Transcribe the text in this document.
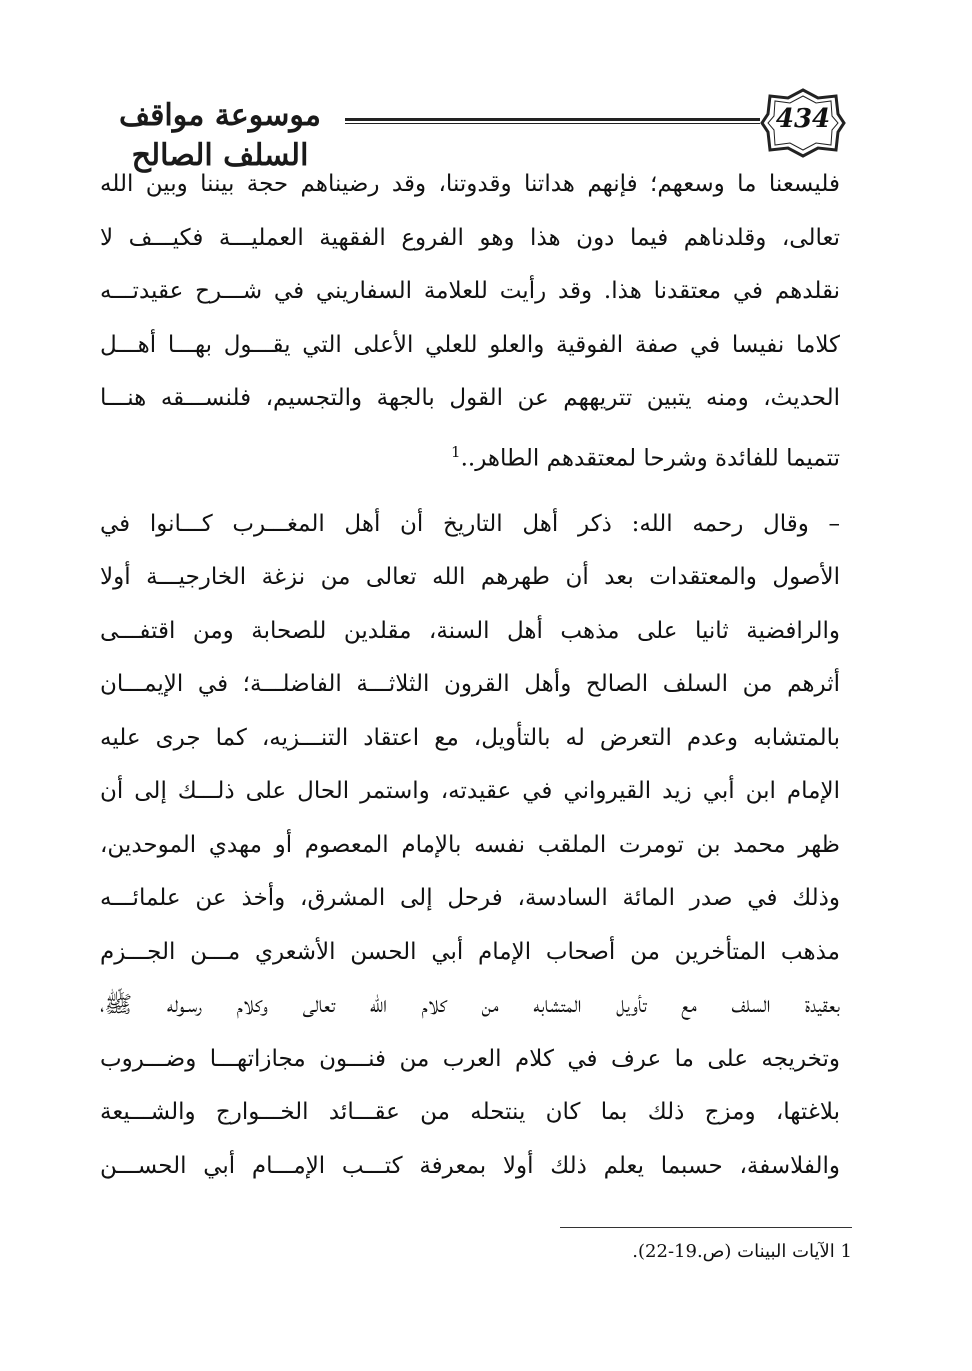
موسوعة مواقف السلف الصالح
434

فليسعنا ما وسعهم؛ فإنهم هداتنا وقدوتنا، وقد رضيناهم حجة بيننا وبين الله

تعالى، وقلدناهم فيما دون هذا وهو الفروع الفقهية العمليـــة فكيـــف لا

نقلدهم في معتقدنا هذا. وقد رأيت للعلامة السفاريني في شـــرح عقيدتـــه

كلاما نفيسا في صفة الفوقية والعلو للعلي الأعلى التي يقـــول بهـــا أهـــل

الحديث، ومنه يتبين تتريههم عن القول بالجهة والتجسيم، فلنســـقه هنـــا

تتميما للفائدة وشرحا لمعتقدهم الطاهر..$^1$

– وقال رحمه الله: ذكر أهل التاريخ أن أهل المغـــرب كـــانوا في

الأصول والمعتقدات بعد أن طهرهم الله تعالى من نزغة الخارجيـــة أولا

والرافضية ثانيا على مذهب أهل السنة، مقلدين للصحابة ومن اقتفـــى

أثرهم من السلف الصالح وأهل القرون الثلاثـــة الفاضلـــة؛ في الإيمـــان

بالمتشابه وعدم التعرض له بالتأويل، مع اعتقاد التنـــزيه، كما جرى عليه

الإمام ابن أبي زيد القيرواني في عقيدته، واستمر الحال على ذلـــك إلى أن

ظهر محمد بن تومرت الملقب نفسه بالإمام المعصوم أو مهدي الموحدين،

وذلك في صدر المائة السادسة، فرحل إلى المشرق، وأخذ عن علمائـــه

مذهب المتأخرين من أصحاب الإمام أبي الحسن الأشعري مـــن الجـــزم

بعقيدة السلف مع تأويل المتشابه من كلام الله تعالى وكلام رسـوله ﷺ،

وتخريجه على ما عرف في كلام العرب من فنـــون مجازاتهـــا وضـــروب

بلاغتها، ومزج ذلك بما كان ينتحله من عقـــائد الخـــوارج والشـــيعة

والفلاسفة، حسبما يعلم ذلك أولا بمعرفة كتـــب الإمـــام أبي الحســـن

1 الآيات البينات (ص.19-22).
